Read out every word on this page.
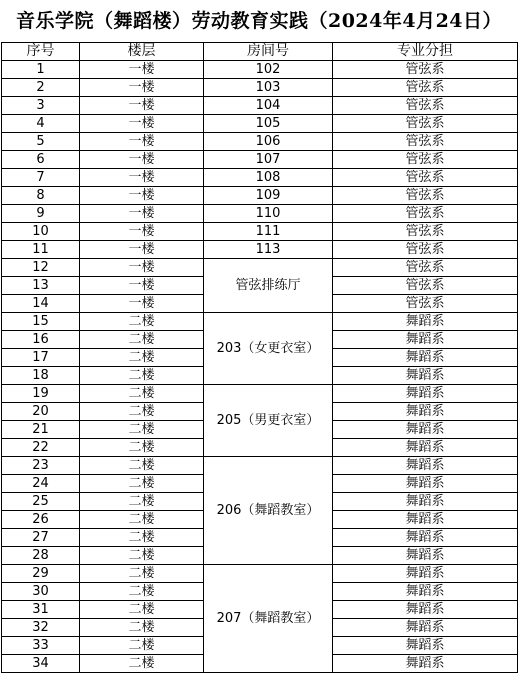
音乐学院（舞蹈楼）劳动教育实践（2024年4月24日）
序号	楼层	房间号	专业分担
1	一楼	102	管弦系
2	一楼	103	管弦系
3	一楼	104	管弦系
4	一楼	105	管弦系
5	一楼	106	管弦系
6	一楼	107	管弦系
7	一楼	108	管弦系
8	一楼	109	管弦系
9	一楼	110	管弦系
10	一楼	111	管弦系
11	一楼	113	管弦系
12	一楼	管弦排练厅	管弦系
13	一楼		管弦系
14	一楼		管弦系
15	二楼	203（女更衣室）	舞蹈系
16	二楼		舞蹈系
17	二楼		舞蹈系
18	二楼		舞蹈系
19	二楼	205（男更衣室）	舞蹈系
20	二楼		舞蹈系
21	二楼		舞蹈系
22	二楼		舞蹈系
23	二楼	206（舞蹈教室）	舞蹈系
24	二楼		舞蹈系
25	二楼		舞蹈系
26	二楼		舞蹈系
27	二楼		舞蹈系
28	二楼		舞蹈系
29	二楼	207（舞蹈教室）	舞蹈系
30	二楼		舞蹈系
31	二楼		舞蹈系
32	二楼		舞蹈系
33	二楼		舞蹈系
34	二楼		舞蹈系
